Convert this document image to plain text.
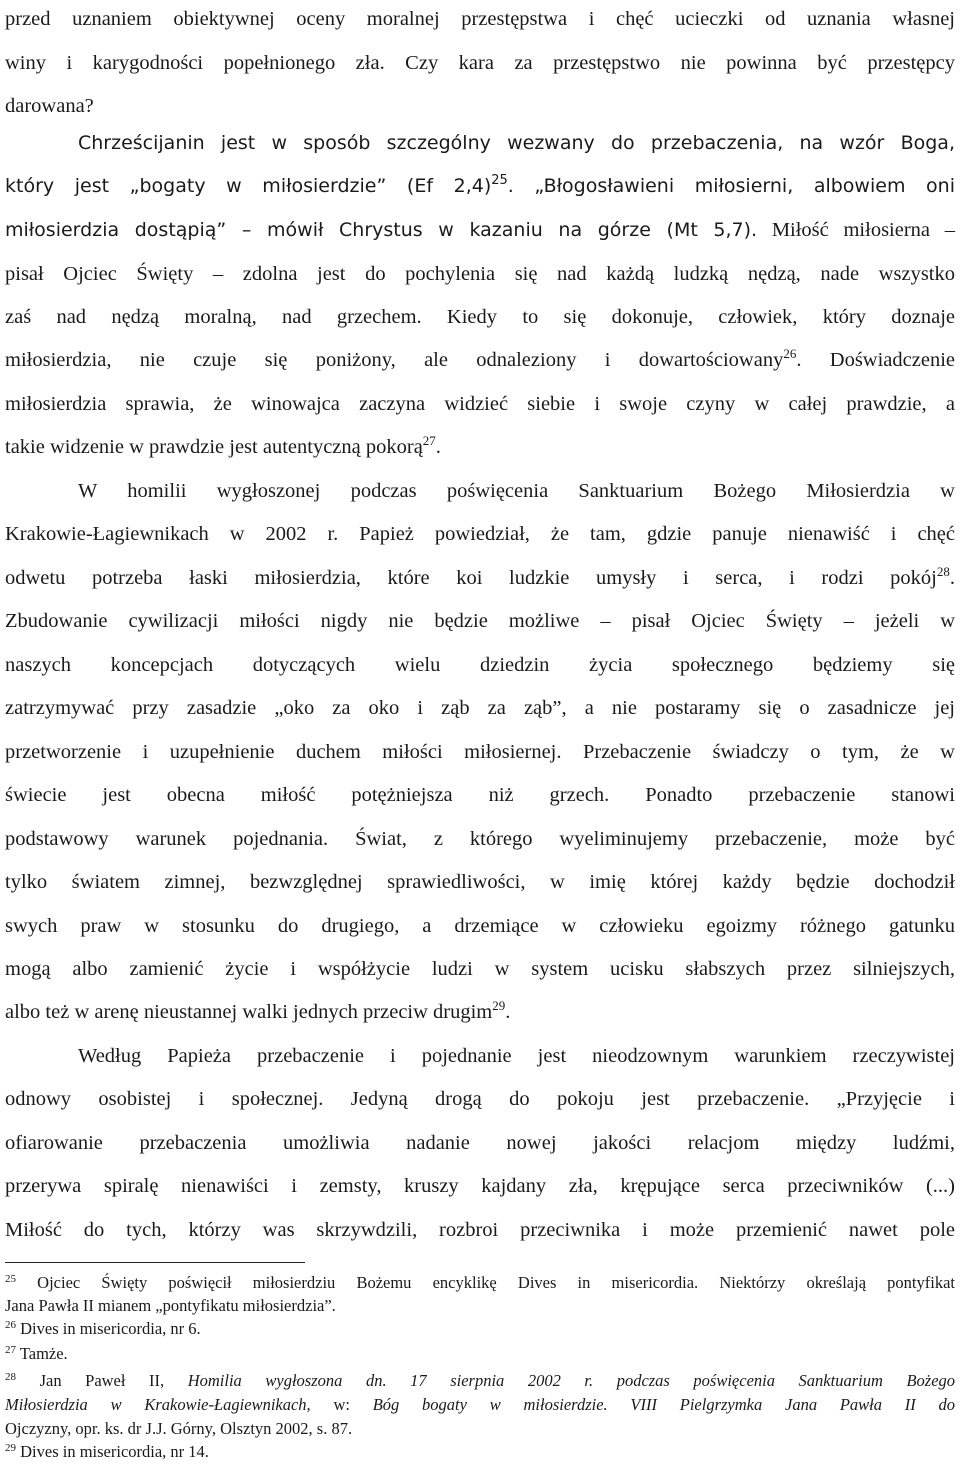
przed uznaniem obiektywnej oceny moralnej przestępstwa i chęć ucieczki od uznania własnej
winy i karygodności popełnionego zła. Czy kara za przestępstwo nie powinna być przestępcy
darowana?
Chrześcijanin jest w sposób szczególny wezwany do przebaczenia, na wzór Boga,
który jest „bogaty w miłosierdzie” (Ef 2,4)$^{25}$. „Błogosławieni miłosierni, albowiem oni
miłosierdzia dostąpią” – mówił Chrystus w kazaniu na górze (Mt 5,7). Miłość miłosierna –
pisał Ojciec Święty – zdolna jest do pochylenia się nad każdą ludzką nędzą, nade wszystko
zaś nad nędzą moralną, nad grzechem. Kiedy to się dokonuje, człowiek, który doznaje
miłosierdzia, nie czuje się poniżony, ale odnaleziony i dowartościowany$^{26}$. Doświadczenie
miłosierdzia sprawia, że winowajca zaczyna widzieć siebie i swoje czyny w całej prawdzie, a
takie widzenie w prawdzie jest autentyczną pokorą$^{27}$.
W homilii wygłoszonej podczas poświęcenia Sanktuarium Bożego Miłosierdzia w
Krakowie-Łagiewnikach w 2002 r. Papież powiedział, że tam, gdzie panuje nienawiść i chęć
odwetu potrzeba łaski miłosierdzia, które koi ludzkie umysły i serca, i rodzi pokój$^{28}$.
Zbudowanie cywilizacji miłości nigdy nie będzie możliwe – pisał Ojciec Święty – jeżeli w
naszych koncepcjach dotyczących wielu dziedzin życia społecznego będziemy się
zatrzymywać przy zasadzie „oko za oko i ząb za ząb”, a nie postaramy się o zasadnicze jej
przetworzenie i uzupełnienie duchem miłości miłosiernej. Przebaczenie świadczy o tym, że w
świecie jest obecna miłość potężniejsza niż grzech. Ponadto przebaczenie stanowi
podstawowy warunek pojednania. Świat, z którego wyeliminujemy przebaczenie, może być
tylko światem zimnej, bezwzględnej sprawiedliwości, w imię której każdy będzie dochodził
swych praw w stosunku do drugiego, a drzemiące w człowieku egoizmy różnego gatunku
mogą albo zamienić życie i współżycie ludzi w system ucisku słabszych przez silniejszych,
albo też w arenę nieustannej walki jednych przeciw drugim$^{29}$.
Według Papieża przebaczenie i pojednanie jest nieodzownym warunkiem rzeczywistej
odnowy osobistej i społecznej. Jedyną drogą do pokoju jest przebaczenie. „Przyjęcie i
ofiarowanie przebaczenia umożliwia nadanie nowej jakości relacjom między ludźmi,
przerywa spiralę nienawiści i zemsty, kruszy kajdany zła, krępujące serca przeciwników (...)
Miłość do tych, którzy was skrzywdzili, rozbroi przeciwnika i może przemienić nawet pole
$^{25}$ Ojciec Święty poświęcił miłosierdziu Bożemu encyklikę Dives in misericordia. Niektórzy określają pontyfikat
Jana Pawła II mianem „pontyfikatu miłosierdzia”.
$^{26}$ Dives in misericordia, nr 6.
$^{27}$ Tamże.
$^{28}$ Jan Paweł II, Homilia wygłoszona dn. 17 sierpnia 2002 r. podczas poświęcenia Sanktuarium Bożego
Miłosierdzia w Krakowie-Łagiewnikach, w: Bóg bogaty w miłosierdzie. VIII Pielgrzymka Jana Pawła II do
Ojczyzny, opr. ks. dr J.J. Górny, Olsztyn 2002, s. 87.
$^{29}$ Dives in misericordia, nr 14.
